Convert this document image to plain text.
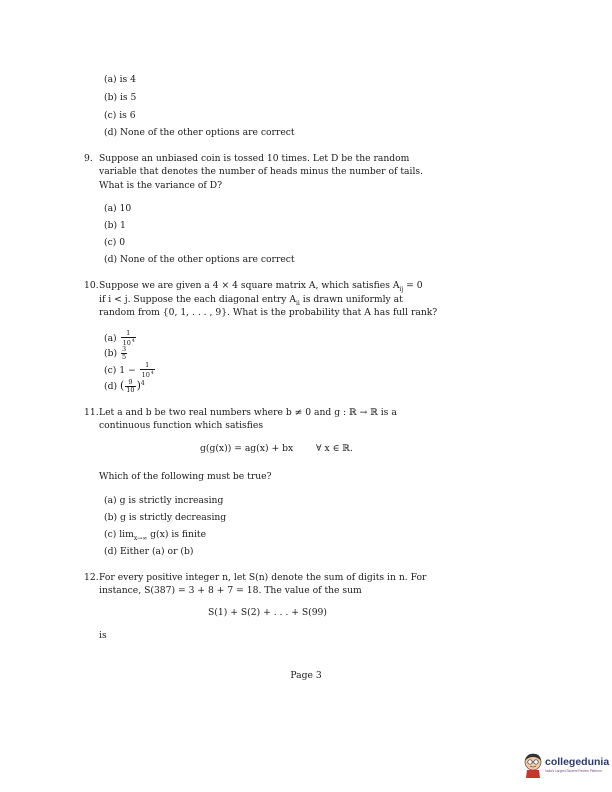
(a) is 4
(b) is 5
(c) is 6
(d) None of the other options are correct
9. Suppose an unbiased coin is tossed 10 times. Let D be the random
variable that denotes the number of heads minus the number of tails.
What is the variance of D?
(a) 10
(b) 1
(c) 0
(d) None of the other options are correct
10. Suppose we are given a 4 × 4 square matrix A, which satisfies $A_{ij} = 0$
if i < j. Suppose the each diagonal entry $A_{ii}$ is drawn uniformly at
random from {0, 1, . . . , 9}. What is the probability that A has full rank?
$(a) \frac{1}{10^4}$
$(b) \frac{3}{5}$
(c) $1 - \frac{1}{10^4}$
(d) ( $\frac{9}{10} )^4$
11. Let a and b be two real numbers where b ≠ 0 and g : ℝ → ℝ is a
continuous function which satisfies
g(g(x)) = ag(x) + bx ∀ x ∈ ℝ.
Which of the following must be true?
(a) g is strictly increasing
(b) g is strictly decreasing
(c) $\lim_{x\to\infty} g(x)$ is finite
(d) Either (a) or (b)
12. For every positive integer n, let S(n) denote the sum of digits in n. For
instance, S(387) = 3 + 8 + 7 = 18. The value of the sum
S(1) + S(2) + . . . + S(99)
is
Page 3
collegedunia
India's Largest Student Review Platform
